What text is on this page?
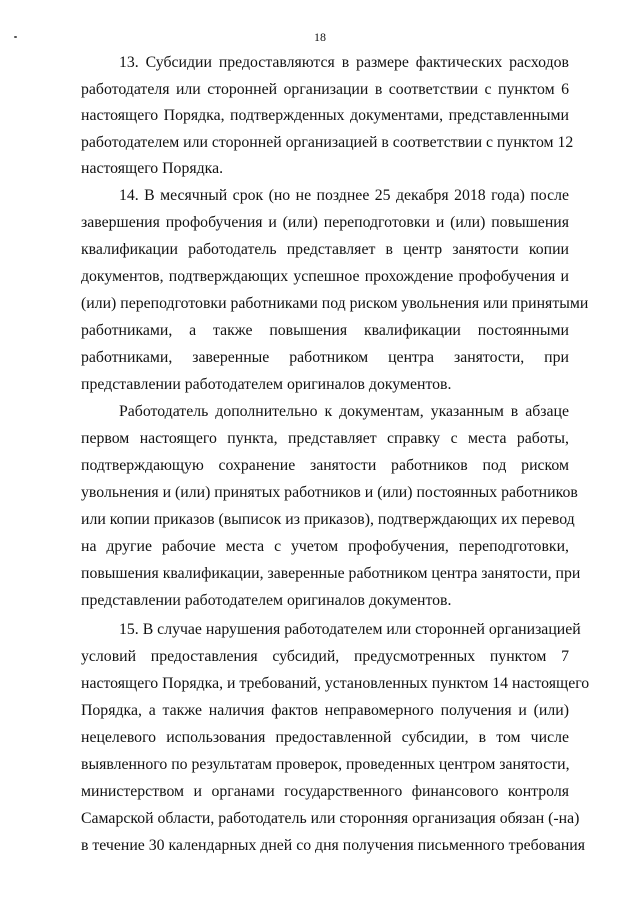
18
13. Субсидии предоставляются в размере фактических расходов
работодателя или сторонней организации в соответствии с пунктом 6
настоящего Порядка, подтвержденных документами, представленными
работодателем или сторонней организацией в соответствии с пунктом 12
настоящего Порядка.
14. В месячный срок (но не позднее 25 декабря 2018 года) после
завершения профобучения и (или) переподготовки и (или) повышения
квалификации работодатель представляет в центр занятости копии
документов, подтверждающих успешное прохождение профобучения и
(или) переподготовки работниками под риском увольнения или принятыми
работниками, а также повышения квалификации постоянными
работниками, заверенные работником центра занятости, при
представлении работодателем оригиналов документов.
Работодатель дополнительно к документам, указанным в абзаце
первом настоящего пункта, представляет справку с места работы,
подтверждающую сохранение занятости работников под риском
увольнения и (или) принятых работников и (или) постоянных работников
или копии приказов (выписок из приказов), подтверждающих их перевод
на другие рабочие места с учетом профобучения, переподготовки,
повышения квалификации, заверенные работником центра занятости, при
представлении работодателем оригиналов документов.
15. В случае нарушения работодателем или сторонней организацией
условий предоставления субсидий, предусмотренных пунктом 7
настоящего Порядка, и требований, установленных пунктом 14 настоящего
Порядка, а также наличия фактов неправомерного получения и (или)
нецелевого использования предоставленной субсидии, в том числе
выявленного по результатам проверок, проведенных центром занятости,
министерством и органами государственного финансового контроля
Самарской области, работодатель или сторонняя организация обязан (-на)
в течение 30 календарных дней со дня получения письменного требования
